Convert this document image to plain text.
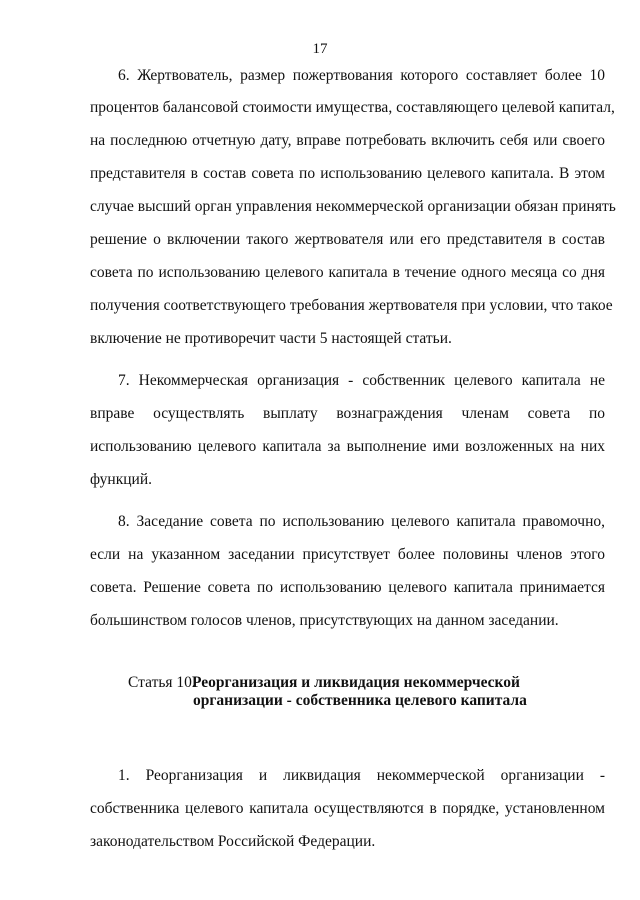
17
6. Жертвователь, размер пожертвования которого составляет более 10
процентов балансовой стоимости имущества, составляющего целевой капитал,
на последнюю отчетную дату, вправе потребовать включить себя или своего
представителя в состав совета по использованию целевого капитала. В этом
случае высший орган управления некоммерческой организации обязан принять
решение о включении такого жертвователя или его представителя в состав
совета по использованию целевого капитала в течение одного месяца со дня
получения соответствующего требования жертвователя при условии, что такое
включение не противоречит части 5 настоящей статьи.
7. Некоммерческая организация - собственник целевого капитала не
вправе осуществлять выплату вознаграждения членам совета по
использованию целевого капитала за выполнение ими возложенных на них
функций.
8. Заседание совета по использованию целевого капитала правомочно,
если на указанном заседании присутствует более половины членов этого
совета. Решение совета по использованию целевого капитала принимается
большинством голосов членов, присутствующих на данном заседании.
Статья 10.
Реорганизация и ликвидация некоммерческой
организации - собственника целевого капитала
1. Реорганизация и ликвидация некоммерческой организации -
собственника целевого капитала осуществляются в порядке, установленном
законодательством Российской Федерации.
